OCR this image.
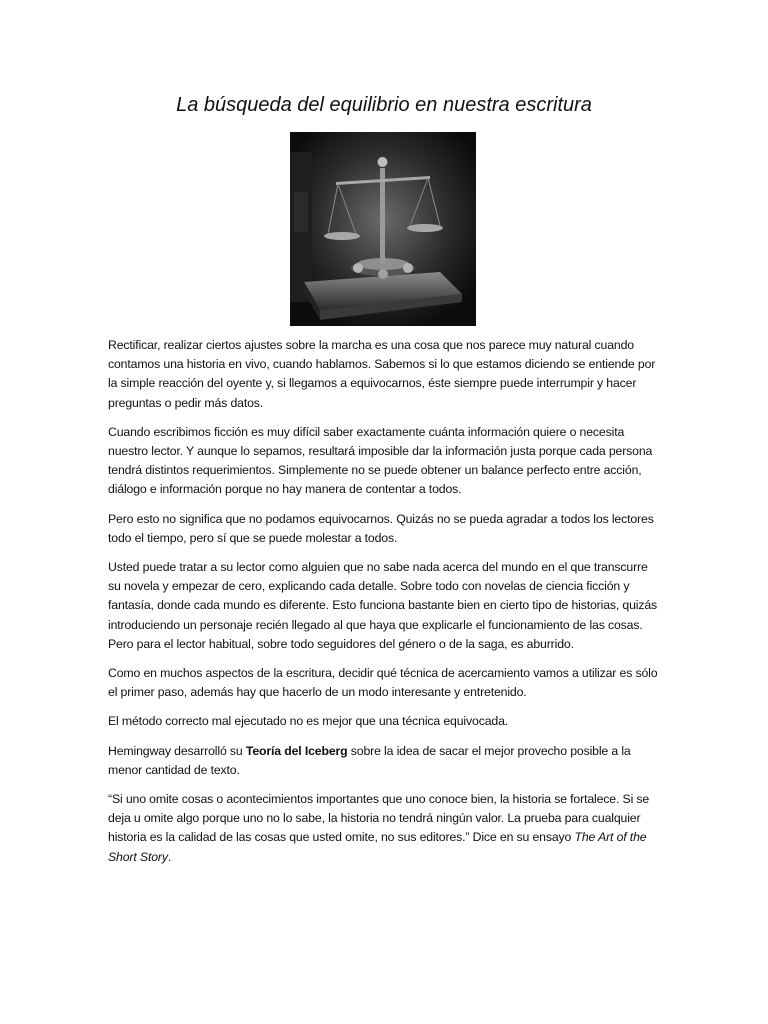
La búsqueda del equilibrio en nuestra escritura

Rectificar, realizar ciertos ajustes sobre la marcha es una cosa que nos parece muy natural cuando contamos una historia en vivo, cuando hablamos. Sabemos si lo que estamos diciendo se entiende por la simple reacción del oyente y, si llegamos a equivocarnos, éste siempre puede interrumpir y hacer preguntas o pedir más datos.

Cuando escribimos ficción es muy difícil saber exactamente cuánta información quiere o necesita nuestro lector. Y aunque lo sepamos, resultará imposible dar la información justa porque cada persona tendrá distintos requerimientos. Simplemente no se puede obtener un balance perfecto entre acción, diálogo e información porque no hay manera de contentar a todos.

Pero esto no significa que no podamos equivocarnos. Quizás no se pueda agradar a todos los lectores todo el tiempo, pero sí que se puede molestar a todos.

Usted puede tratar a su lector como alguien que no sabe nada acerca del mundo en el que transcurre su novela y empezar de cero, explicando cada detalle. Sobre todo con novelas de ciencia ficción y fantasía, donde cada mundo es diferente. Esto funciona bastante bien en cierto tipo de historias, quizás introduciendo un personaje recién llegado al que haya que explicarle el funcionamiento de las cosas. Pero para el lector habitual, sobre todo seguidores del género o de la saga, es aburrido.

Como en muchos aspectos de la escritura, decidir qué técnica de acercamiento vamos a utilizar es sólo el primer paso, además hay que hacerlo de un modo interesante y entretenido.

El método correcto mal ejecutado no es mejor que una técnica equivocada.

Hemingway desarrolló su Teoría del Iceberg sobre la idea de sacar el mejor provecho posible a la menor cantidad de texto.

“Si uno omite cosas o acontecimientos importantes que uno conoce bien, la historia se fortalece. Si se deja u omite algo porque uno no lo sabe, la historia no tendrá ningún valor. La prueba para cualquier historia es la calidad de las cosas que usted omite, no sus editores.” Dice en su ensayo The Art of the Short Story.
